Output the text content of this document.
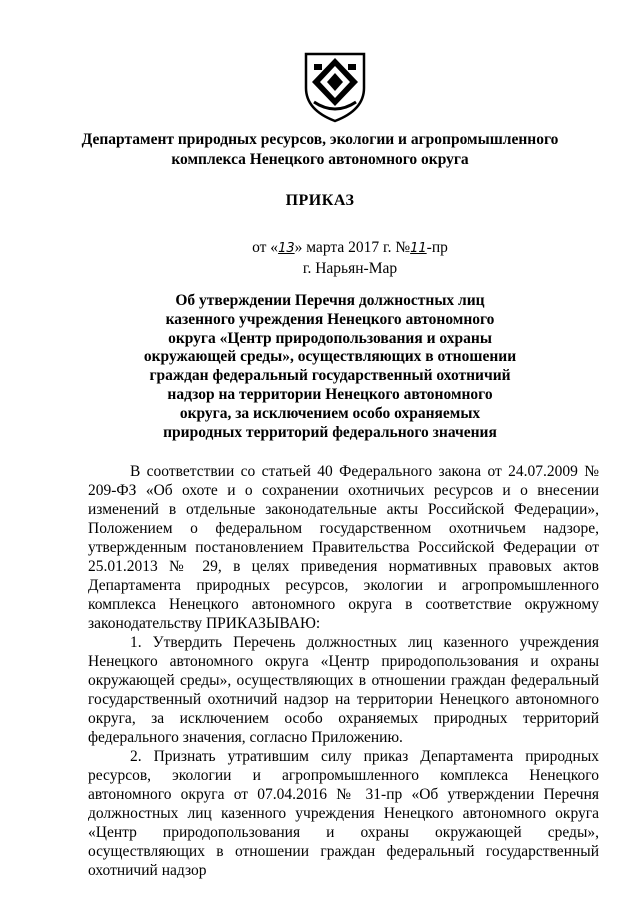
Департамент природных ресурсов, экологии и агропромышленного
комплекса Ненецкого автономного округа
ПРИКАЗ
от «13» марта 2017 г. №11-пр
г. Нарьян-Мар
Об утверждении Перечня должностных лиц
казенного учреждения Ненецкого автономного
округа «Центр природопользования и охраны
окружающей среды», осуществляющих в отношении
граждан федеральный государственный охотничий
надзор на территории Ненецкого автономного
округа, за исключением особо охраняемых
природных территорий федерального значения

В соответствии со статьей 40 Федерального закона от 24.07.2009 № 209-ФЗ «Об охоте и о сохранении охотничьих ресурсов и о внесении изменений в отдельные законодательные акты Российской Федерации», Положением о федеральном государственном охотничьем надзоре, утвержденным постановлением Правительства Российской Федерации от 25.01.2013 № 29, в целях приведения нормативных правовых актов Департамента природных ресурсов, экологии и агропромышленного комплекса Ненецкого автономного округа в соответствие окружному законодательству ПРИКАЗЫВАЮ:

1. Утвердить Перечень должностных лиц казенного учреждения Ненецкого автономного округа «Центр природопользования и охраны окружающей среды», осуществляющих в отношении граждан федеральный государственный охотничий надзор на территории Ненецкого автономного округа, за исключением особо охраняемых природных территорий федерального значения, согласно Приложению.

2. Признать утратившим силу приказ Департамента природных ресурсов, экологии и агропромышленного комплекса Ненецкого автономного округа от 07.04.2016 № 31-пр «Об утверждении Перечня должностных лиц казенного учреждения Ненецкого автономного округа «Центр природопользования и охраны окружающей среды», осуществляющих в отношении граждан федеральный государственный охотничий надзор
